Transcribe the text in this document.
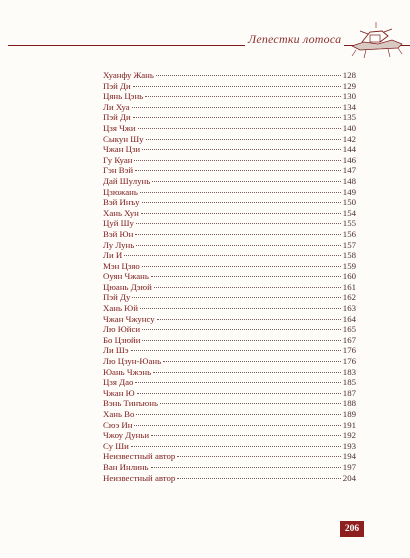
Лепестки лотоса
Хуанфу Жань	128
Пэй Ди	129
Цянь Цэнь	130
Ли Хуа	134
Пэй Ди	135
Цзя Чжи	140
Сыкун Шу	142
Чжан Цзи	144
Гу Куан	146
Гэн Вэй	147
Дай Шулунь	148
Цзюжань	149
Вэй Инъу	150
Хань Хун	154
Цуй Шу	155
Вэй Юн	156
Лу Лунь	157
Ли И	158
Мэн Цзяо	159
Оуян Чжань	160
Цюань Дэюй	161
Пэй Ду	162
Хань Юй	163
Чжан Чжунсу	164
Лю Юйси	165
Бо Цзюйи	167
Ли Шэ	176
Лю Цзун-Юань	176
Юань Чжэнь	183
Цзя Дао	185
Чжан Ю	187
Вэнь Тинъюнь	188
Хань Во	189
Сюэ Ин	191
Чжоу Дуньи	192
Су Ши	193
Неизвестный автор	194
Ван Инлинь	197
Неизвестный автор	204
206
